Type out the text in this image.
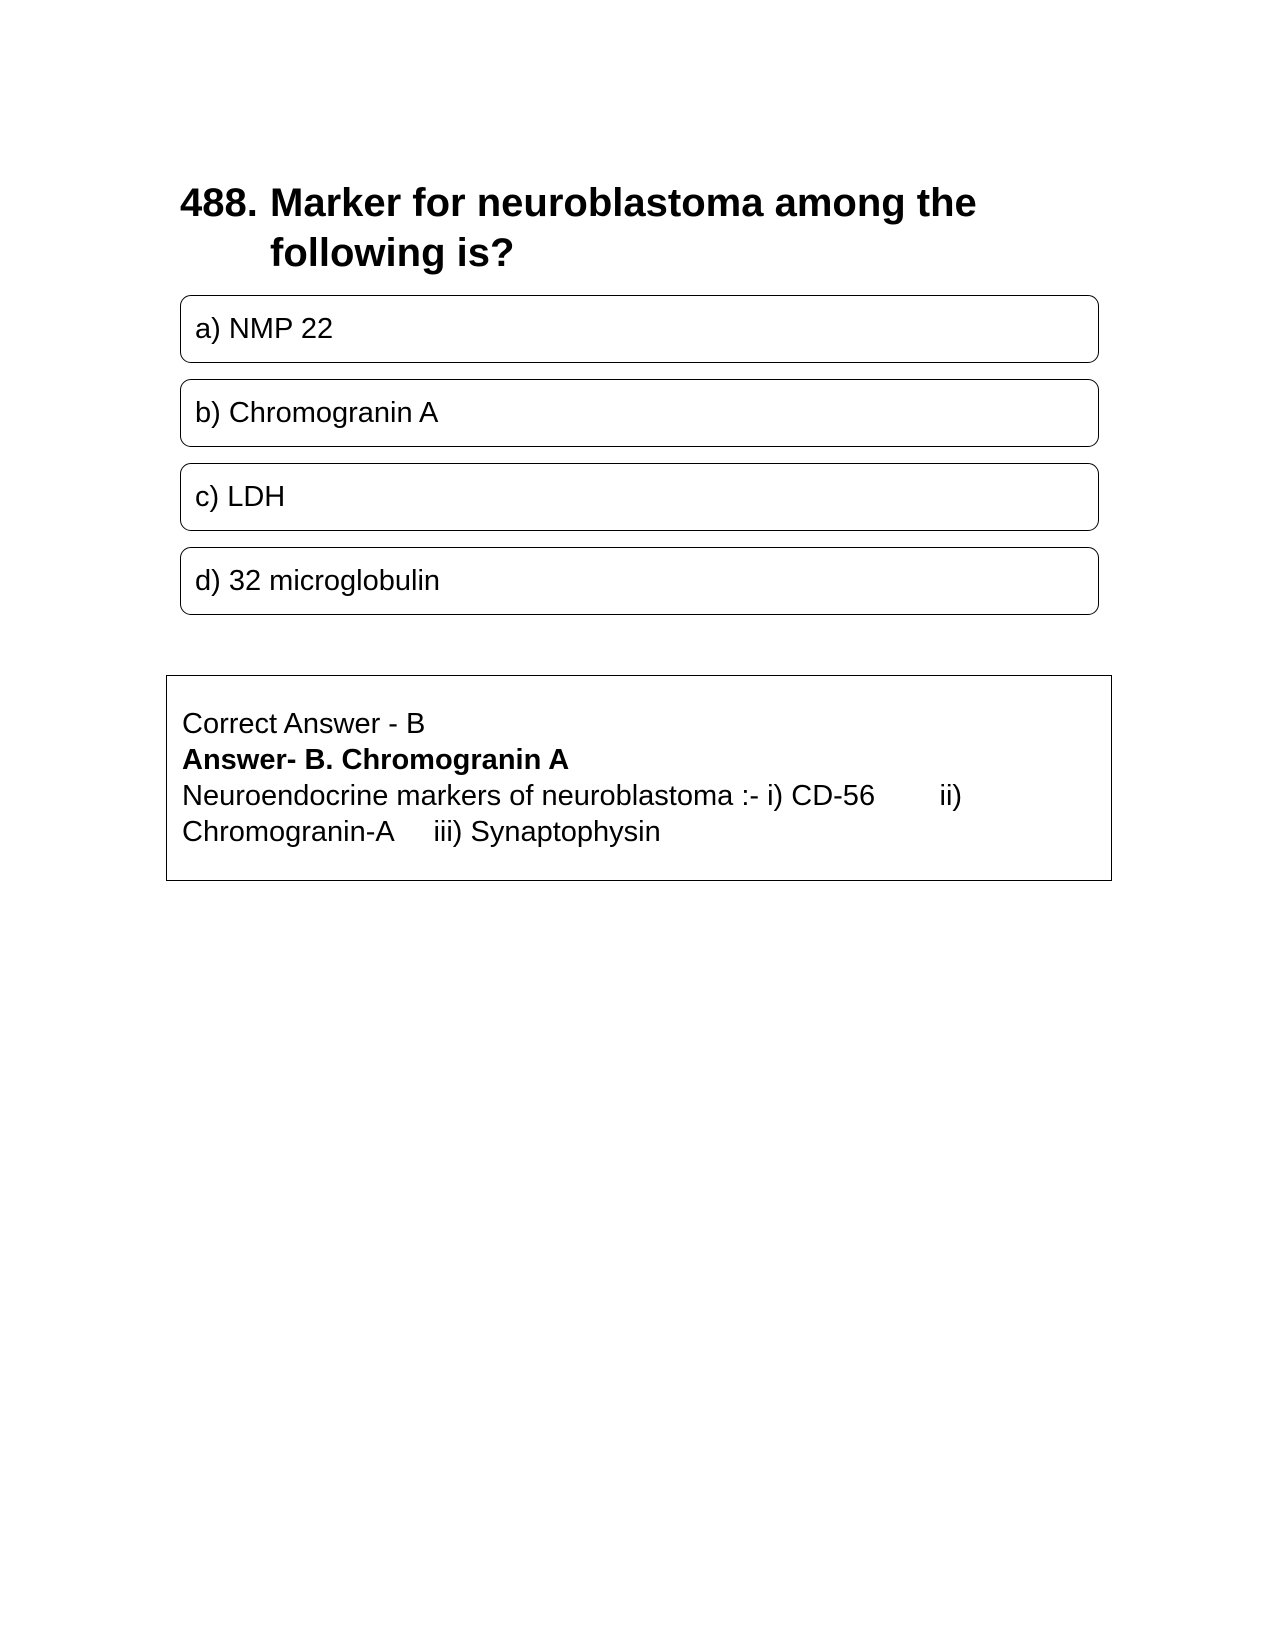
488. Marker for neuroblastoma among the following is?
a) NMP 22
b) Chromogranin A
c) LDH
d) 32 microglobulin
Correct Answer - B
Answer- B. Chromogranin A
Neuroendocrine markers of neuroblastoma :- i) CD-56        ii)
Chromogranin-A     iii) Synaptophysin
